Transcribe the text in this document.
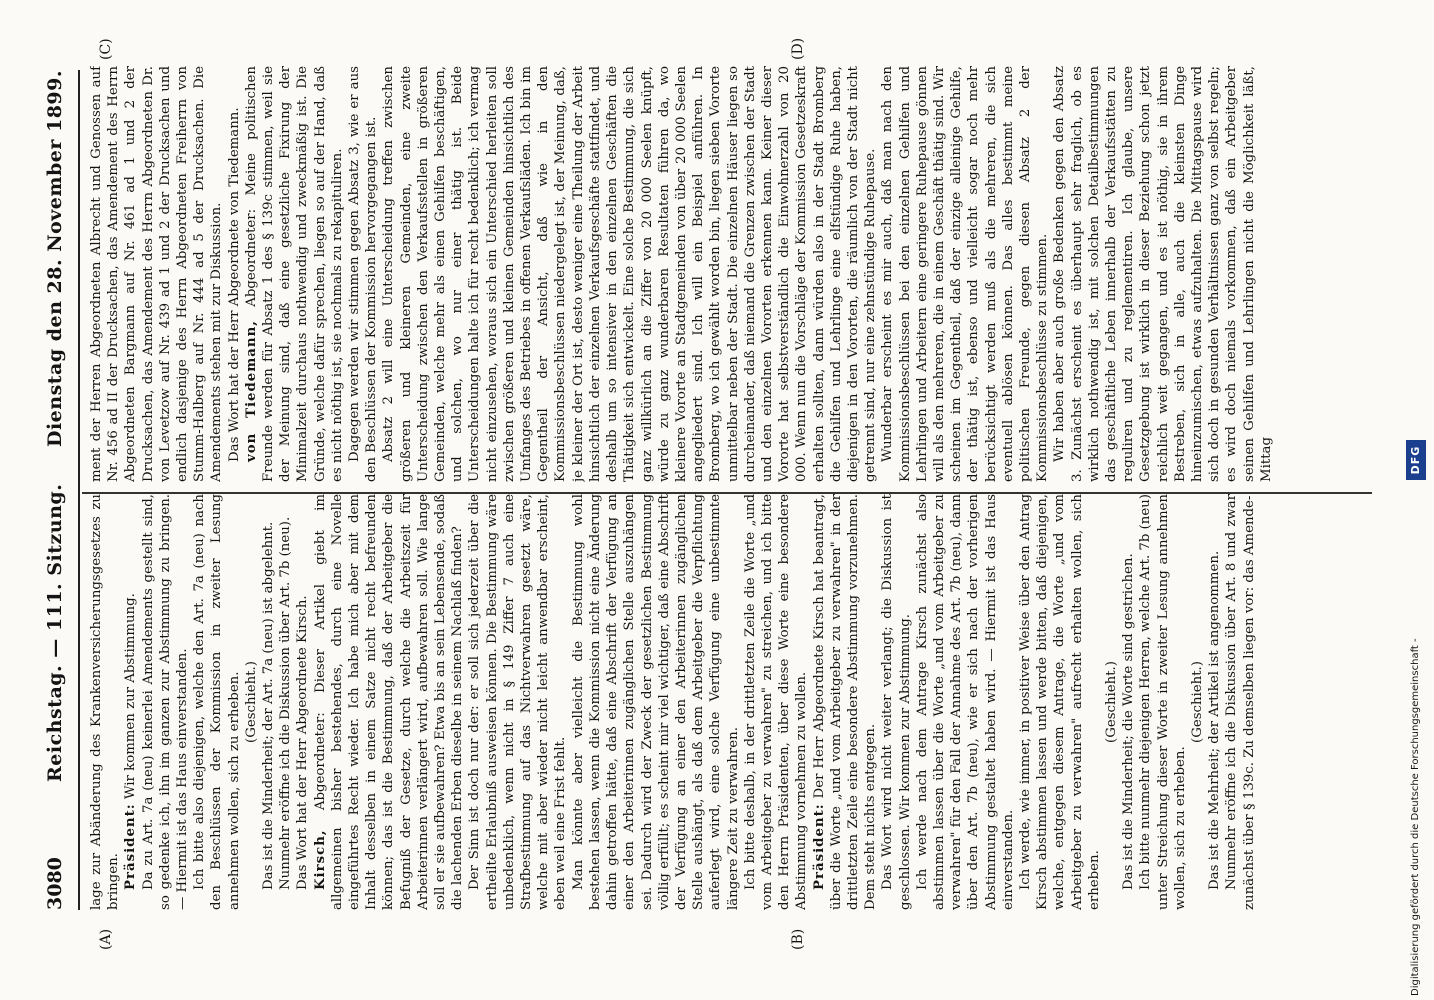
3080
Reichstag. — 111. Sitzung.
Dienstag den 28. November 1899.
(A)	(B)
(C)	(D)

lage zur Abänderung des Krankenversicherungsgesetzes zu bringen. Präsident: Wir kommen zur Abstimmung. Da zu Art. 7a (neu) keinerlei Amendements gestellt sind, so gedenke ich, ihn im ganzen zur Abstimmung zu bringen. — Hiermit ist das Haus einverstanden. Ich bitte also diejenigen, welche den Art. 7a (neu) nach den Beschlüssen der Kommission in zweiter Lesung annehmen wollen, sich zu erheben. (Geschieht.) Das ist die Minderheit; der Art. 7a (neu) ist abgelehnt. Nunmehr eröffne ich die Diskussion über Art. 7b (neu). Das Wort hat der Herr Abgeordnete Kirsch. Kirsch, Abgeordneter: Dieser Artikel giebt im allgemeinen bisher bestehendes, durch eine Novelle eingeführtes Recht wieder. Ich habe mich aber mit dem Inhalt desselben in einem Satze nicht recht befreunden können; das ist die Bestimmung, daß der Arbeitgeber die Befugniß der Gesetze, durch welche die Arbeitszeit für Arbeiterinnen verlängert wird, aufbewahren soll. Wie lange soll er sie aufbewahren? Etwa bis an sein Lebensende, sodaß die lachenden Erben dieselbe in seinem Nachlaß finden? Der Sinn ist doch nur der: er soll sich jederzeit über die ertheilte Erlaubniß ausweisen können. Die Bestimmung wäre unbedenklich, wenn nicht in § 149 Ziffer 7 auch eine Strafbestimmung auf das Nichtverwahren gesetzt wäre, welche mit aber wieder nicht leicht anwendbar erscheint, eben weil eine Frist fehlt. Man könnte aber vielleicht die Bestimmung wohl bestehen lassen, wenn die Kommission nicht eine Änderung dahin getroffen hätte, daß eine Abschrift der Verfügung an einer den Arbeiterinnen zugänglichen Stelle auszuhängen sei. Dadurch wird der Zweck der gesetzlichen Bestimmung völlig erfüllt; es scheint mir viel wichtiger, daß eine Abschrift der Verfügung an einer den Arbeiterinnen zugänglichen Stelle aushängt, als daß dem Arbeitgeber die Verpflichtung auferlegt wird, eine solche Verfügung eine unbestimmte längere Zeit zu verwahren. Ich bitte deshalb, in der drittletzten Zeile die Worte „und vom Arbeitgeber zu verwahren" zu streichen, und ich bitte den Herrn Präsidenten, über diese Worte eine besondere Abstimmung vornehmen zu wollen. Präsident: Der Herr Abgeordnete Kirsch hat beantragt, über die Worte „und vom Arbeitgeber zu verwahren" in der drittletzten Zeile eine besondere Abstimmung vorzunehmen. Dem steht nichts entgegen. Das Wort wird nicht weiter verlangt; die Diskussion ist geschlossen. Wir kommen zur Abstimmung. Ich werde nach dem Antrage Kirsch zunächst also abstimmen lassen über die Worte „und vom Arbeitgeber zu verwahren" für den Fall der Annahme des Art. 7b (neu), dann über den Art. 7b (neu), wie er sich nach der vorherigen Abstimmung gestaltet haben wird. — Hiermit ist das Haus einverstanden. Ich werde, wie immer, in positiver Weise über den Antrag Kirsch abstimmen lassen und werde bitten, daß diejenigen, welche, entgegen diesem Antrage, die Worte „und vom Arbeitgeber zu verwahren" aufrecht erhalten wollen, sich erheben.

(Geschieht.) Das ist die Minderheit; die Worte sind gestrichen. Ich bitte nunmehr diejenigen Herren, welche Art. 7b (neu) unter Streichung dieser Worte in zweiter Lesung annehmen wollen, sich zu erheben.

(Geschieht.) Das ist die Mehrheit; der Artikel ist angenommen. Nunmehr eröffne ich die Diskussion über Art. 8 und zwar zunächst über § 139c. Zu demselben liegen vor: das Amende-

ment der Herren Abgeordneten Albrecht und Genossen auf Nr. 456 ad II der Drucksachen, das Amendement des Herrn Abgeordneten Bargmann auf Nr. 461 ad 1 und 2 der Drucksachen, das Amendement des Herrn Abgeordneten Dr. von Levetzow auf Nr. 439 ad 1 und 2 der Drucksachen und endlich dasjenige des Herrn Abgeordneten Freiherrn von Stumm-Halberg auf Nr. 444 ad 5 der Drucksachen. Die Amendements stehen mit zur Diskussion. Das Wort hat der Herr Abgeordnete von Tiedemann. von Tiedemann, Abgeordneter: Meine politischen Freunde werden für Absatz 1 des § 139c stimmen, weil sie der Meinung sind, daß eine gesetzliche Fixirung der Minimalzeit durchaus nothwendig und zweckmäßig ist. Die Gründe, welche dafür sprechen, liegen so auf der Hand, daß es nicht nöthig ist, sie nochmals zu rekapituliren. Dagegen werden wir stimmen gegen Absatz 3, wie er aus den Beschlüssen der Kommission hervorgegangen ist. Absatz 2 will eine Unterscheidung treffen zwischen größeren und kleineren Gemeinden, eine zweite Unterscheidung zwischen den Verkaufsstellen in größeren Gemeinden, welche mehr als einen Gehilfen beschäftigen, und solchen, wo nur einer thätig ist. Beide Unterscheidungen halte ich für recht bedenklich; ich vermag nicht einzusehen, woraus sich ein Unterschied herleiten soll zwischen größeren und kleinen Gemeinden hinsichtlich des Umfanges des Betriebes in offenen Verkaufsläden. Ich bin im Gegentheil der Ansicht, daß wie in den Kommissionsbeschlüssen niedergelegt ist, der Meinung, daß, je kleiner der Ort ist, desto weniger eine Theilung der Arbeit hinsichtlich der einzelnen Verkaufsgeschäfte stattfindet, und deshalb um so intensiver in den einzelnen Geschäften die Thätigkeit sich entwickelt. Eine solche Bestimmung, die sich ganz willkürlich an die Ziffer von 20 000 Seelen knüpft, würde zu ganz wunderbaren Resultaten führen da, wo kleinere Vororte an Stadtgemeinden von über 20 000 Seelen angegliedert sind. Ich will ein Beispiel anführen. In Bromberg, wo ich gewählt worden bin, liegen sieben Vororte unmittelbar neben der Stadt. Die einzelnen Häuser liegen so durcheinander, daß niemand die Grenzen zwischen der Stadt und den einzelnen Vororten erkennen kann. Keiner dieser Vororte hat selbstverständlich die Einwohnerzahl von 20 000. Wenn nun die Vorschläge der Kommission Gesetzeskraft erhalten sollten, dann würden also in der Stadt Bromberg die Gehilfen und Lehrlinge eine elfstündige Ruhe haben, diejenigen in den Vororten, die räumlich von der Stadt nicht getrennt sind, nur eine zehnstündige Ruhepause. Wunderbar erscheint es mir auch, daß man nach den Kommissionsbeschlüssen bei den einzelnen Gehilfen und Lehrlingen und Arbeitern eine geringere Ruhepause gönnen will als den mehreren, die in einem Geschäft thätig sind. Wir scheinen im Gegentheil, daß der einzige alleinige Gehilfe, der thätig ist, ebenso und vielleicht sogar noch mehr berücksichtigt werden muß als die mehreren, die sich eventuell ablösen können. Das alles bestimmt meine politischen Freunde, gegen diesen Absatz 2 der Kommissionsbeschlüsse zu stimmen. Wir haben aber auch große Bedenken gegen den Absatz 3. Zunächst erscheint es überhaupt sehr fraglich, ob es wirklich nothwendig ist, mit solchen Detailbestimmungen das geschäftliche Leben innerhalb der Verkaufsstätten zu reguliren und zu reglementiren. Ich glaube, unsere Gesetzgebung ist wirklich in dieser Beziehung schon jetzt reichlich weit gegangen, und es ist nöthig, sie in ihrem Bestreben, sich in alle, auch die kleinsten Dinge hineinzumischen, etwas aufzuhalten. Die Mittagspause wird sich doch in gesunden Verhältnissen ganz von selbst regeln; es wird doch niemals vorkommen, daß ein Arbeitgeber seinen Gehilfen und Lehrlingen nicht die Möglichkeit läßt, Mittag

Digitalisierung gefördert durch die Deutsche Forschungsgemeinschaft -
DFG
